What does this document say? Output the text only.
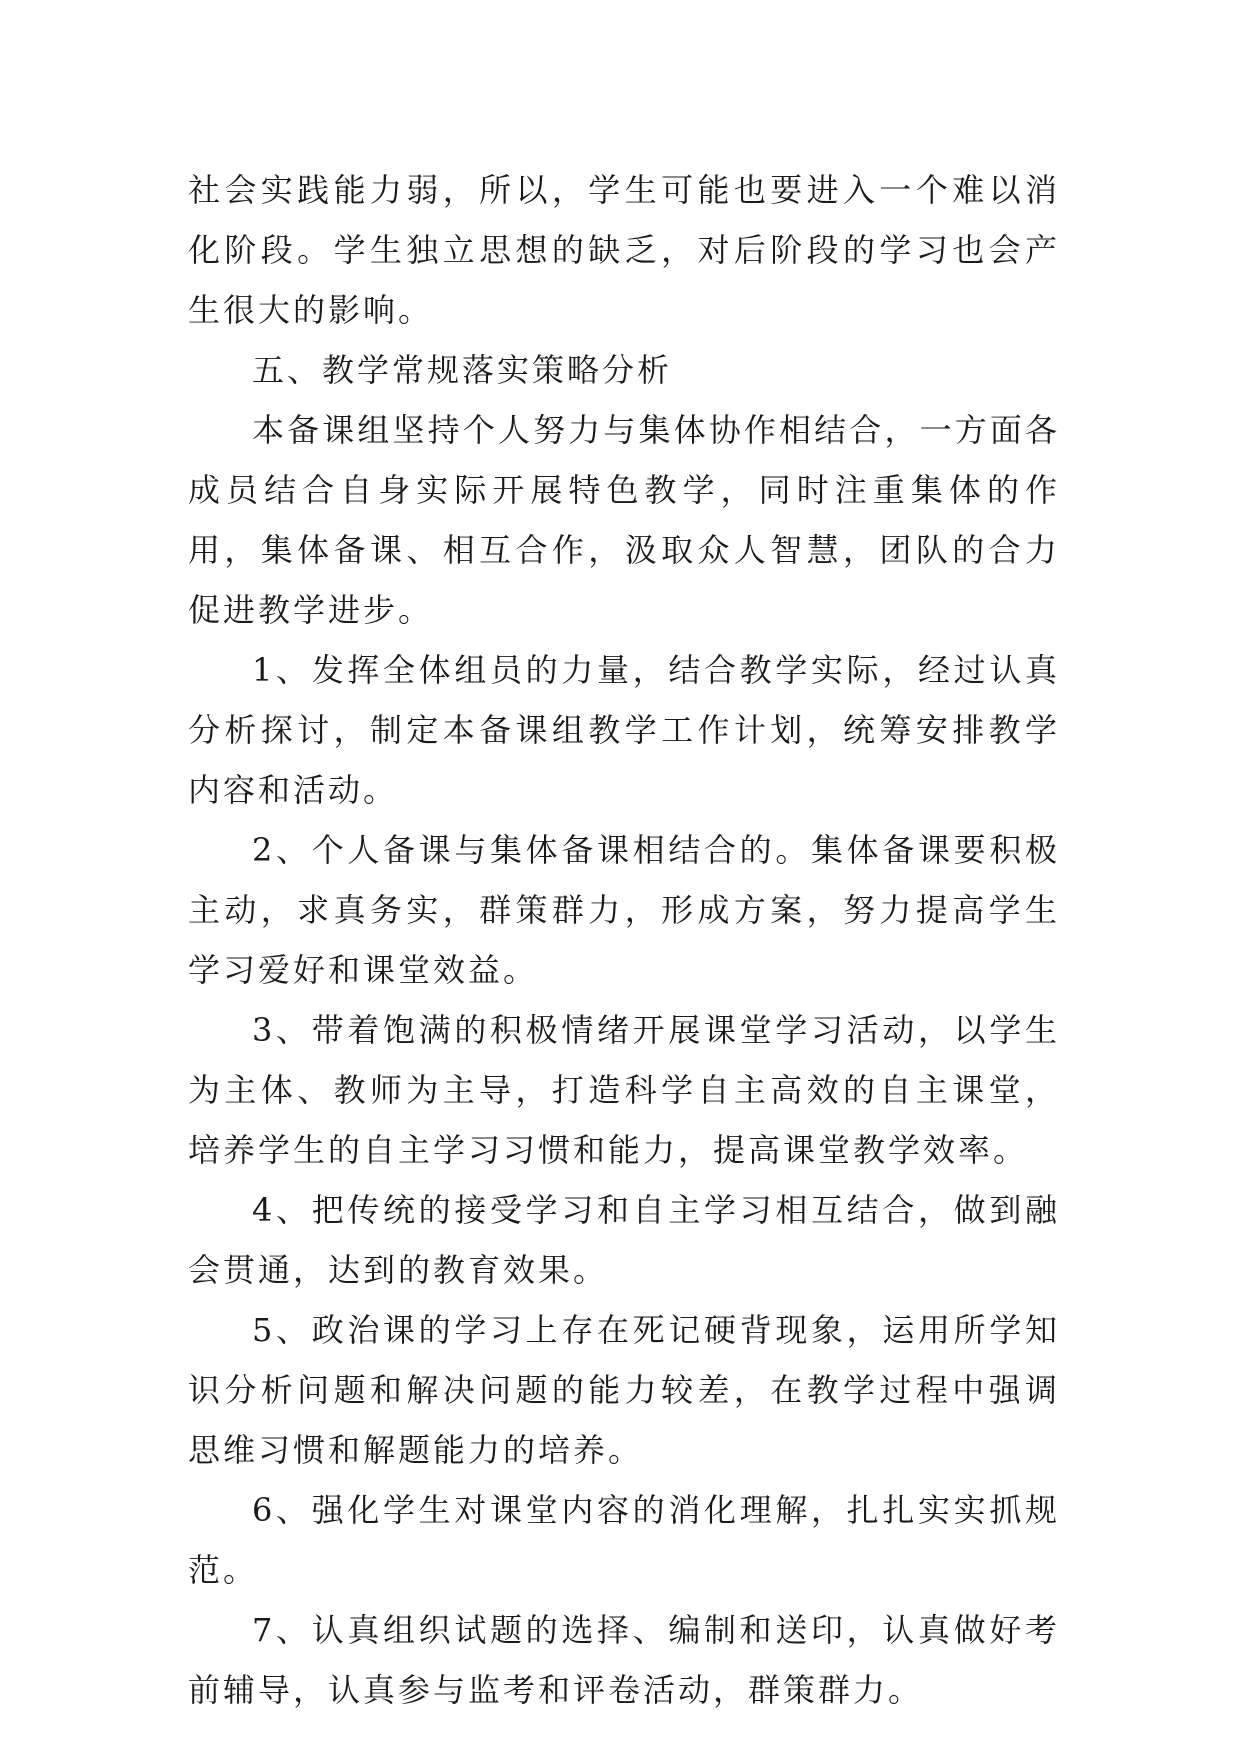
社会实践能力弱，所以，学生可能也要进入一个难以消化阶段。学生独立思想的缺乏，对后阶段的学习也会产生很大的影响。

五、教学常规落实策略分析

本备课组坚持个人努力与集体协作相结合，一方面各成员结合自身实际开展特色教学，同时注重集体的作用，集体备课、相互合作，汲取众人智慧，团队的合力促进教学进步。

1、发挥全体组员的力量，结合教学实际，经过认真分析探讨，制定本备课组教学工作计划，统筹安排教学内容和活动。

2、个人备课与集体备课相结合的。集体备课要积极主动，求真务实，群策群力，形成方案，努力提高学生学习爱好和课堂效益。

3、带着饱满的积极情绪开展课堂学习活动，以学生为主体、教师为主导，打造科学自主高效的自主课堂，培养学生的自主学习习惯和能力，提高课堂教学效率。

4、把传统的接受学习和自主学习相互结合，做到融会贯通，达到的教育效果。

5、政治课的学习上存在死记硬背现象，运用所学知识分析问题和解决问题的能力较差，在教学过程中强调思维习惯和解题能力的培养。

6、强化学生对课堂内容的消化理解，扎扎实实抓规范。

7、认真组织试题的选择、编制和送印，认真做好考前辅导，认真参与监考和评卷活动，群策群力。
